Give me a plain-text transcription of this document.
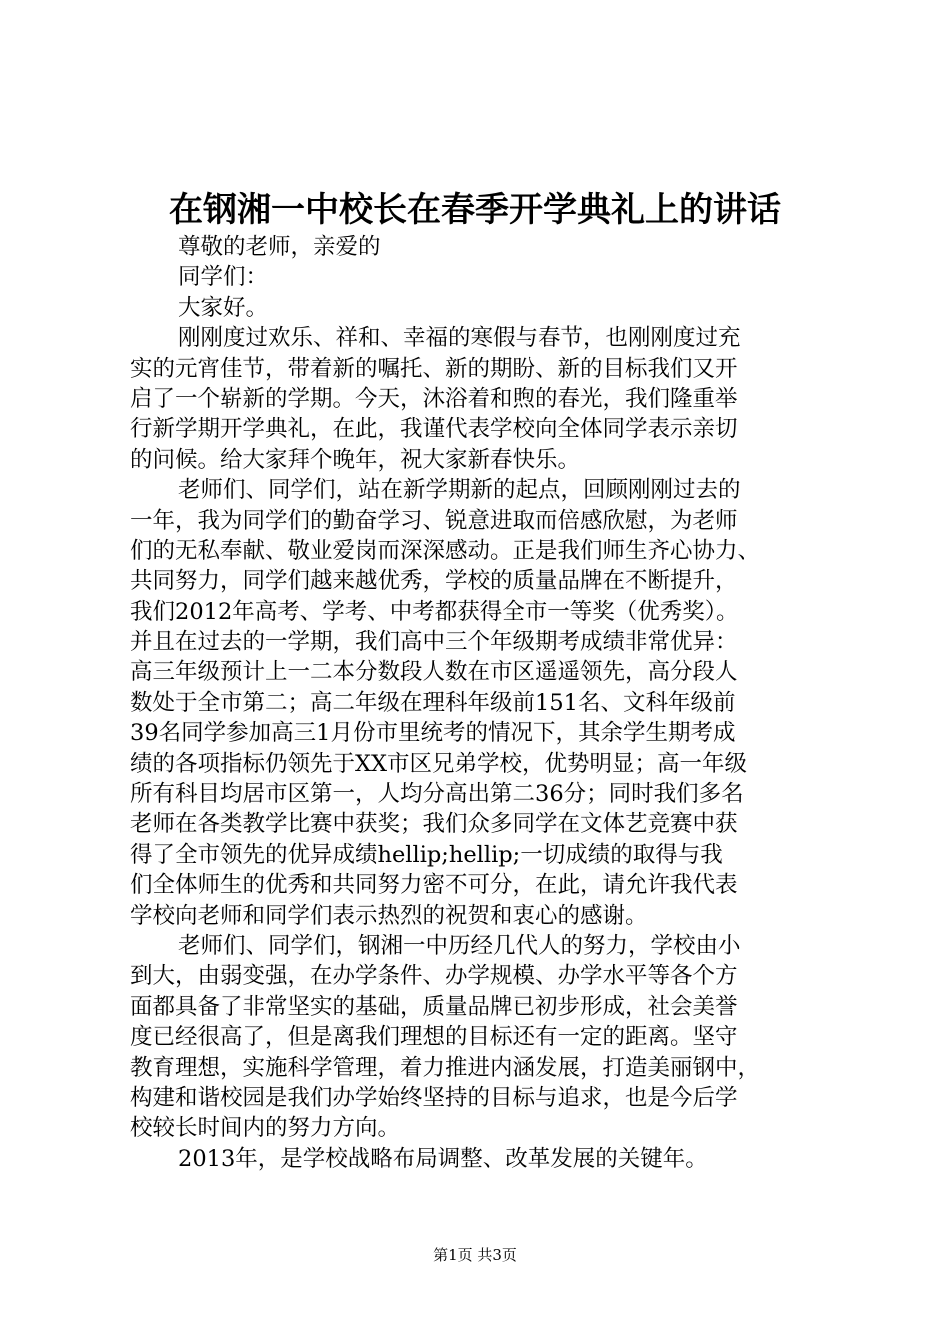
在钢湘一中校长在春季开学典礼上的讲话
尊敬的老师，亲爱的
同学们：
大家好。
刚刚度过欢乐、祥和、幸福的寒假与春节，也刚刚度过充
实的元宵佳节，带着新的嘱托、新的期盼、新的目标我们又开
启了一个崭新的学期。今天，沐浴着和煦的春光，我们隆重举
行新学期开学典礼，在此，我谨代表学校向全体同学表示亲切
的问候。给大家拜个晚年，祝大家新春快乐。
老师们、同学们，站在新学期新的起点，回顾刚刚过去的
一年，我为同学们的勤奋学习、锐意进取而倍感欣慰，为老师
们的无私奉献、敬业爱岗而深深感动。正是我们师生齐心协力、
共同努力，同学们越来越优秀，学校的质量品牌在不断提升，
我们2012年高考、学考、中考都获得全市一等奖（优秀奖）。
并且在过去的一学期，我们高中三个年级期考成绩非常优异：
高三年级预计上一二本分数段人数在市区遥遥领先，高分段人
数处于全市第二；高二年级在理科年级前151名、文科年级前
39名同学参加高三1月份市里统考的情况下，其余学生期考成
绩的各项指标仍领先于XX市区兄弟学校，优势明显；高一年级
所有科目均居市区第一，人均分高出第二36分；同时我们多名
老师在各类教学比赛中获奖；我们众多同学在文体艺竞赛中获
得了全市领先的优异成绩hellip;hellip;一切成绩的取得与我
们全体师生的优秀和共同努力密不可分，在此，请允许我代表
学校向老师和同学们表示热烈的祝贺和衷心的感谢。
老师们、同学们，钢湘一中历经几代人的努力，学校由小
到大，由弱变强，在办学条件、办学规模、办学水平等各个方
面都具备了非常坚实的基础，质量品牌已初步形成，社会美誉
度已经很高了，但是离我们理想的目标还有一定的距离。坚守
教育理想，实施科学管理，着力推进内涵发展，打造美丽钢中，
构建和谐校园是我们办学始终坚持的目标与追求，也是今后学
校较长时间内的努力方向。
2013年，是学校战略布局调整、改革发展的关键年。
第1页 共3页
